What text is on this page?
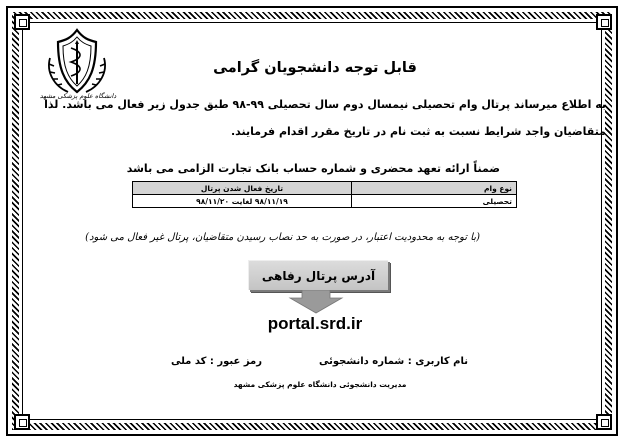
دانشگاه علوم پزشکی مشهد
قابل توجه دانشجویان گرامی
به اطلاع میرساند پرتال وام تحصیلی نیمسال دوم سال تحصیلی ۹۹-۹۸ طبق جدول زیر فعال می باشد. لذا
متقاضیان واجد شرایط نسبت به ثبت نام در تاریخ مقرر اقدام فرمایند.
ضمناً ارائه تعهد محضری و شماره حساب بانک تجارت الزامی می باشد
نوع وام	تاریخ فعال شدن پرتال
تحصیلی	۹۸/۱۱/۱۹ لغایت ۹۸/۱۱/۲۰
(با توجه به محدودیت اعتبار، در صورت به حد نصاب رسیدن متقاضیان، پرتال غیر فعال می شود)
آدرس پرتال رفاهی
portal.srd.ir
نام کاربری : شماره دانشجوئی
رمز عبور : کد ملی
مدیریت دانشجوئی دانشگاه علوم پزشکی مشهد
